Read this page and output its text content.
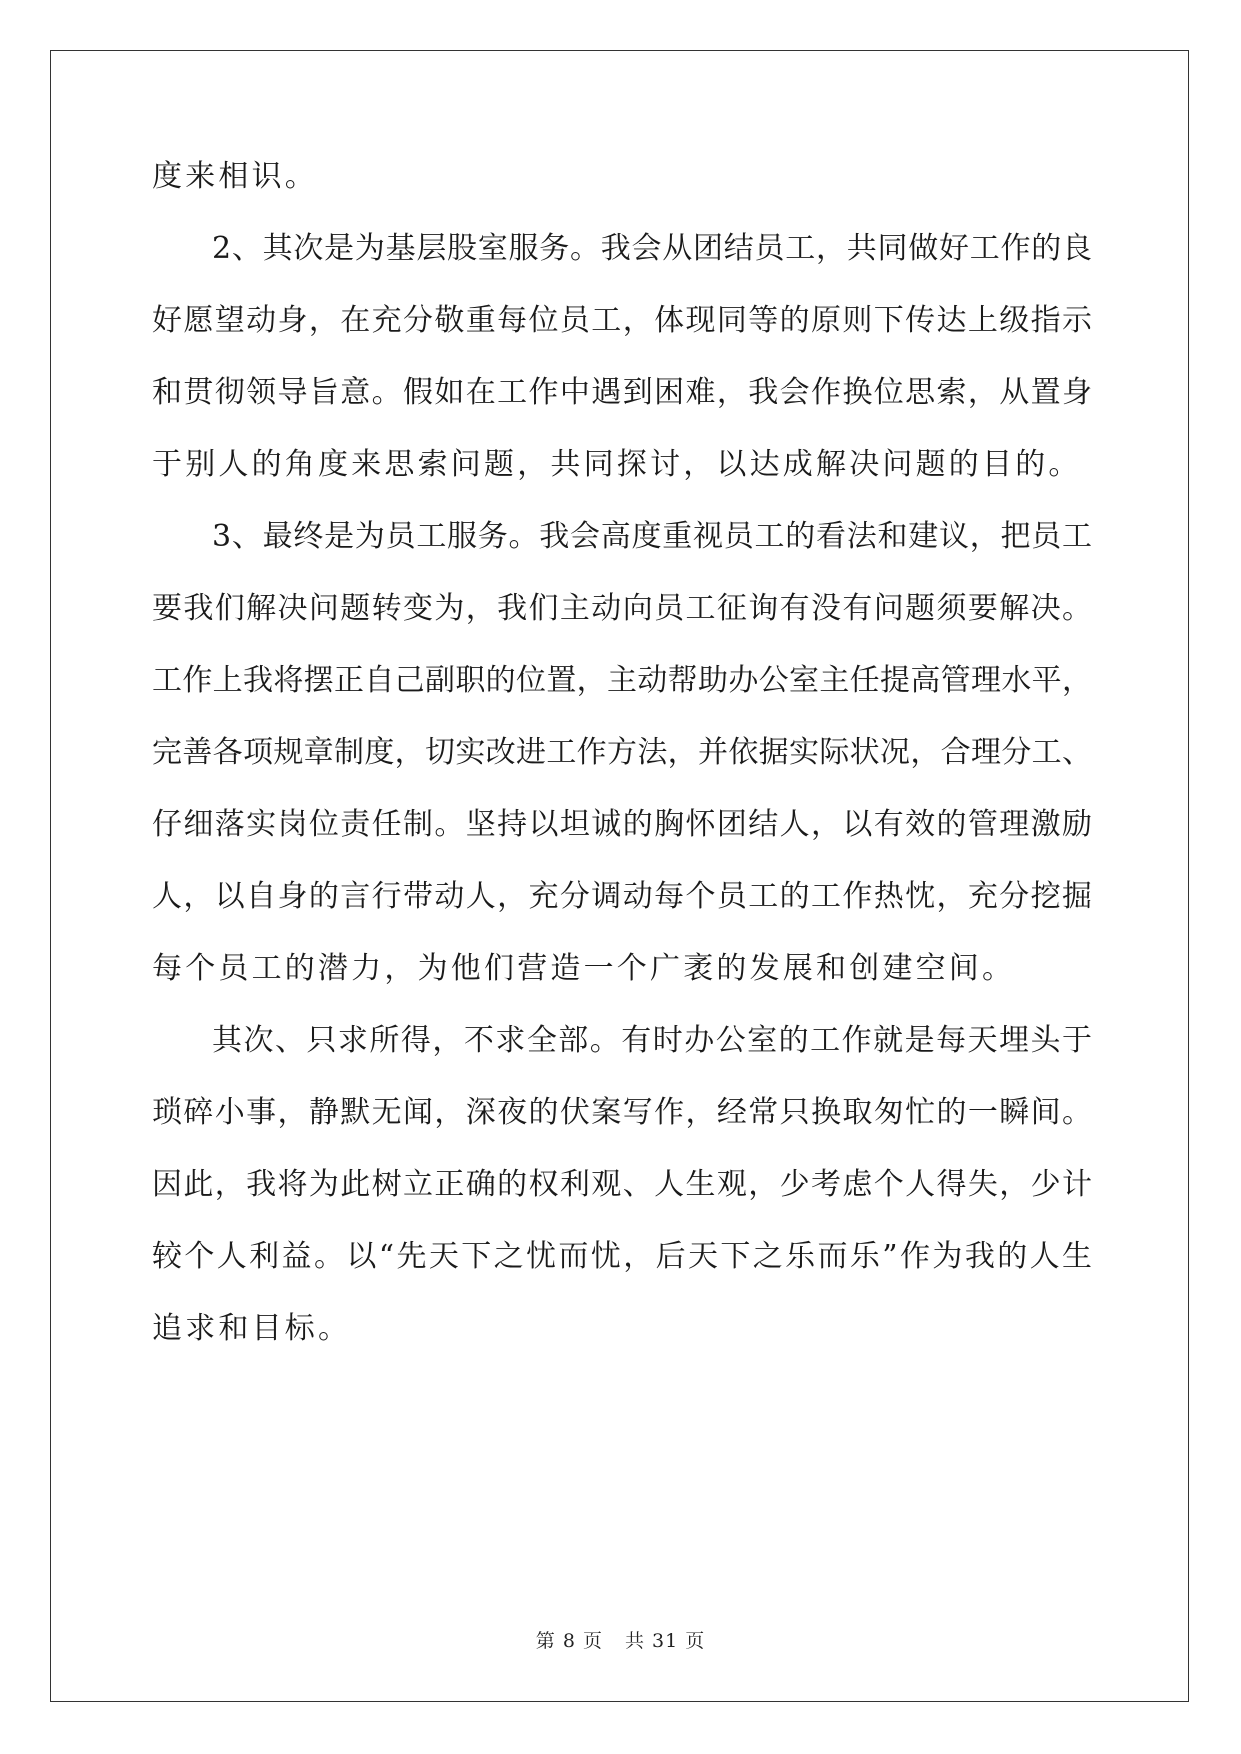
度来相识。
2、其次是为基层股室服务。我会从团结员工，共同做好工作的良
好愿望动身，在充分敬重每位员工，体现同等的原则下传达上级指示
和贯彻领导旨意。假如在工作中遇到困难，我会作换位思索，从置身
于别人的角度来思索问题，共同探讨，以达成解决问题的目的。
3、最终是为员工服务。我会高度重视员工的看法和建议，把员工
要我们解决问题转变为，我们主动向员工征询有没有问题须要解决。
工作上我将摆正自己副职的位置，主动帮助办公室主任提高管理水平，
完善各项规章制度，切实改进工作方法，并依据实际状况，合理分工、
仔细落实岗位责任制。坚持以坦诚的胸怀团结人，以有效的管理激励
人，以自身的言行带动人，充分调动每个员工的工作热忱，充分挖掘
每个员工的潜力，为他们营造一个广袤的发展和创建空间。
其次、只求所得，不求全部。有时办公室的工作就是每天埋头于
琐碎小事，静默无闻，深夜的伏案写作，经常只换取匆忙的一瞬间。
因此，我将为此树立正确的权利观、人生观，少考虑个人得失，少计
较个人利益。以“先天下之忧而忧，后天下之乐而乐”作为我的人生
追求和目标。
第 8 页 共 31 页
